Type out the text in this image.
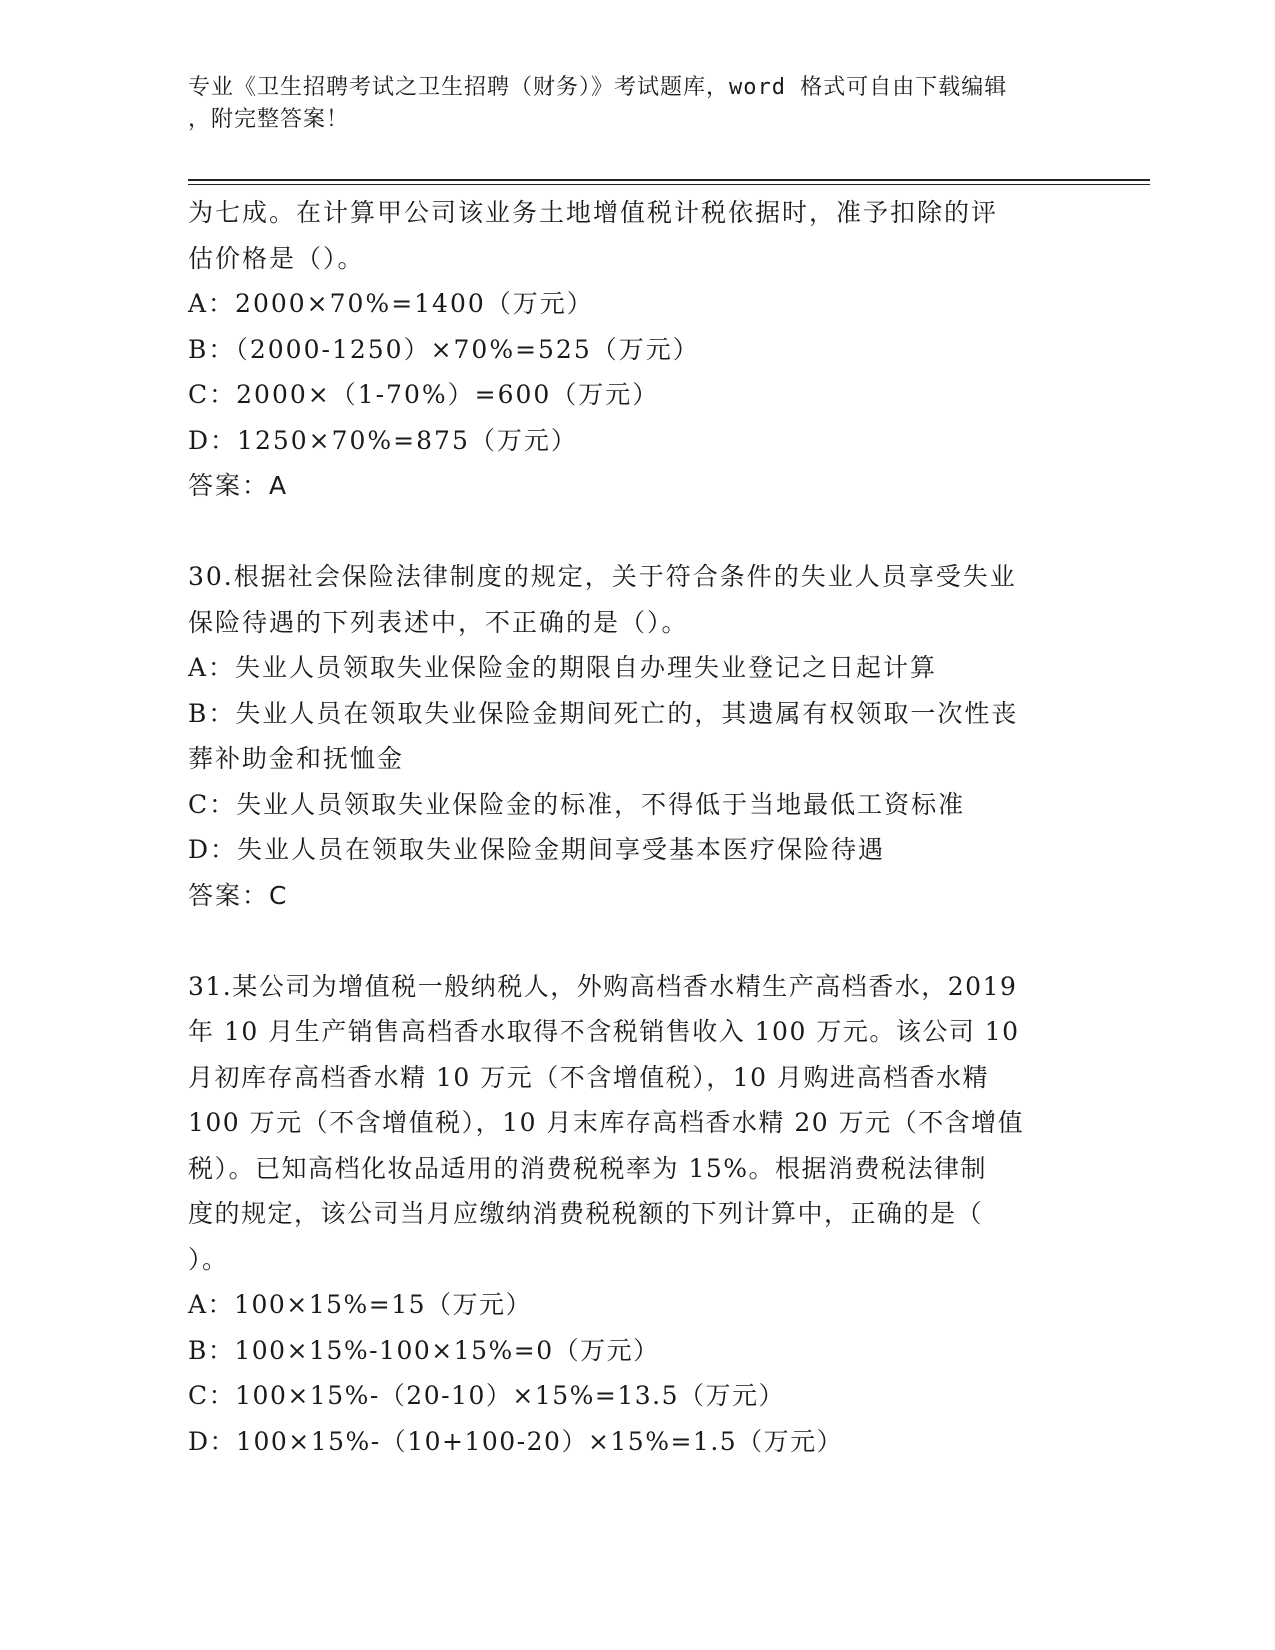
专业《卫生招聘考试之卫生招聘（财务）》考试题库，word 格式可自由下载编辑
，附完整答案！
为七成。在计算甲公司该业务土地增值税计税依据时，准予扣除的评
估价格是（）。
A：2000×70%=1400（万元）
B：（2000-1250）×70%=525（万元）
C：2000×（1-70%）=600（万元）
D：1250×70%=875（万元）
答案：A
30.根据社会保险法律制度的规定，关于符合条件的失业人员享受失业
保险待遇的下列表述中，不正确的是（）。
A：失业人员领取失业保险金的期限自办理失业登记之日起计算
B：失业人员在领取失业保险金期间死亡的，其遗属有权领取一次性丧
葬补助金和抚恤金
C：失业人员领取失业保险金的标准，不得低于当地最低工资标准
D：失业人员在领取失业保险金期间享受基本医疗保险待遇
答案：C
31.某公司为增值税一般纳税人，外购高档香水精生产高档香水，2019
年 10 月生产销售高档香水取得不含税销售收入 100 万元。该公司 10
月初库存高档香水精 10 万元（不含增值税），10 月购进高档香水精
100 万元（不含增值税），10 月末库存高档香水精 20 万元（不含增值
税）。已知高档化妆品适用的消费税税率为 15%。根据消费税法律制
度的规定，该公司当月应缴纳消费税税额的下列计算中，正确的是（
）。
A：100×15%=15（万元）
B：100×15%-100×15%=0（万元）
C：100×15%-（20-10）×15%=13.5（万元）
D：100×15%-（10+100-20）×15%=1.5（万元）
